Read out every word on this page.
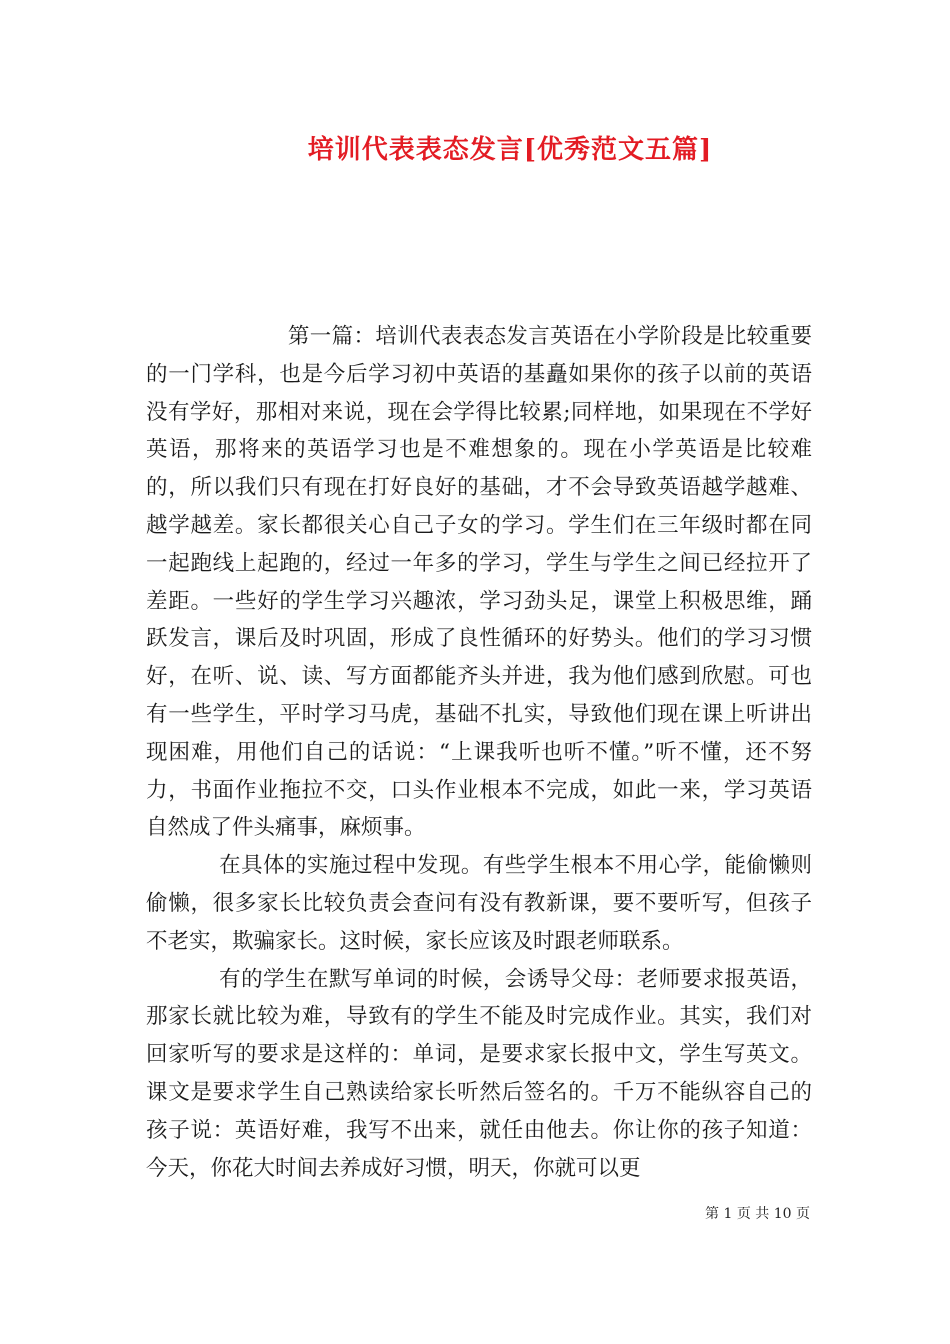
培训代表表态发言[优秀范文五篇]

第一篇：培训代表表态发言英语在小学阶段是比较重要的一门学科，也是今后学习初中英语的基矗如果你的孩子以前的英语没有学好，那相对来说，现在会学得比较累;同样地，如果现在不学好英语，那将来的英语学习也是不难想象的。现在小学英语是比较难的，所以我们只有现在打好良好的基础，才不会导致英语越学越难、越学越差。家长都很关心自己子女的学习。学生们在三年级时都在同一起跑线上起跑的，经过一年多的学习，学生与学生之间已经拉开了差距。一些好的学生学习兴趣浓，学习劲头足，课堂上积极思维，踊跃发言，课后及时巩固，形成了良性循环的好势头。他们的学习习惯好，在听、说、读、写方面都能齐头并进，我为他们感到欣慰。可也有一些学生，平时学习马虎，基础不扎实，导致他们现在课上听讲出现困难，用他们自己的话说：“上课我听也听不懂。”听不懂，还不努力，书面作业拖拉不交，口头作业根本不完成，如此一来，学习英语自然成了件头痛事，麻烦事。

在具体的实施过程中发现。有些学生根本不用心学，能偷懒则偷懒，很多家长比较负责会查问有没有教新课，要不要听写，但孩子不老实，欺骗家长。这时候，家长应该及时跟老师联系。

有的学生在默写单词的时候，会诱导父母：老师要求报英语，那家长就比较为难，导致有的学生不能及时完成作业。其实，我们对回家听写的要求是这样的：单词，是要求家长报中文，学生写英文。课文是要求学生自己熟读给家长听然后签名的。千万不能纵容自己的孩子说：英语好难，我写不出来，就任由他去。你让你的孩子知道：今天，你花大时间去养成好习惯，明天，你就可以更

第 1 页 共 10 页
